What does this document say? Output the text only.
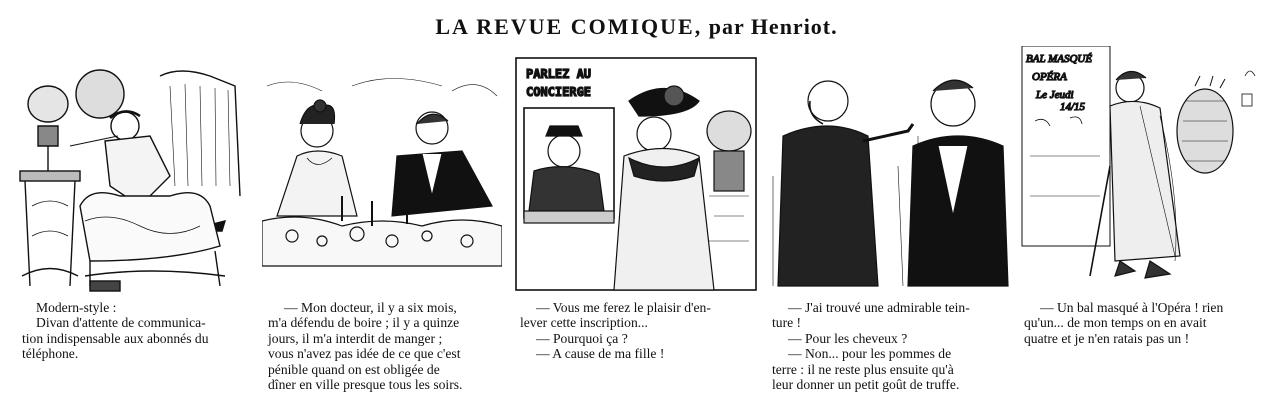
LA REVUE COMIQUE, par Henriot.

Modern-style :

Divan d'attente de communica-

tion indispensable aux abonnés du

téléphone.

— Mon docteur, il y a six mois,

m'a défendu de boire ; il y a quinze

jours, il m'a interdit de manger ;

vous n'avez pas idée de ce que c'est

pénible quand on est obligée de

dîner en ville presque tous les soirs.

PARLEZ AU
CONCIERGE

— Vous me ferez le plaisir d'en-

lever cette inscription...

— Pourquoi ça ?

— A cause de ma fille !

— J'ai trouvé une admirable tein-

ture !

— Pour les cheveux ?

— Non... pour les pommes de

terre : il ne reste plus ensuite qu'à

leur donner un petit goût de truffe.

BAL MASQUÉ
OPÉRA
Le Jeudi
14/15

— Un bal masqué à l'Opéra ! rien

qu'un... de mon temps on en avait

quatre et je n'en ratais pas un !
